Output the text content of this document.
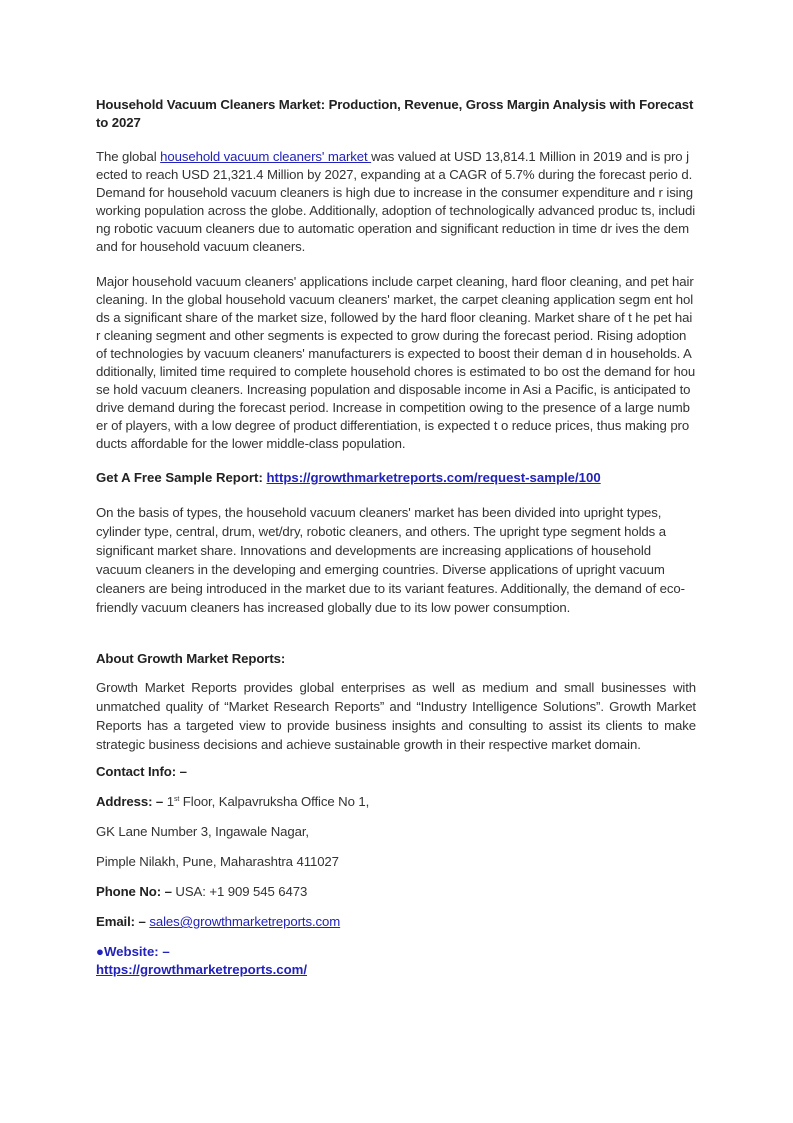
Household Vacuum Cleaners Market: Production, Revenue, Gross Margin Analysis with Forecast to 2027

The global household vacuum cleaners' market was valued at USD 13,814.1 Million in 2019 and is pro jected to reach USD 21,321.4 Million by 2027, expanding at a CAGR of 5.7% during the forecast perio d. Demand for household vacuum cleaners is high due to increase in the consumer expenditure and r ising working population across the globe. Additionally, adoption of technologically advanced produc ts, including robotic vacuum cleaners due to automatic operation and significant reduction in time dr ives the demand for household vacuum cleaners.

Major household vacuum cleaners' applications include carpet cleaning, hard floor cleaning, and pet hair cleaning. In the global household vacuum cleaners' market, the carpet cleaning application segm ent holds a significant share of the market size, followed by the hard floor cleaning. Market share of t he pet hair cleaning segment and other segments is expected to grow during the forecast period. Rising adoption of technologies by vacuum cleaners' manufacturers is expected to boost their deman d in households. Additionally, limited time required to complete household chores is estimated to bo ost the demand for house hold vacuum cleaners. Increasing population and disposable income in Asi a Pacific, is anticipated to drive demand during the forecast period. Increase in competition owing to the presence of a large number of players, with a low degree of product differentiation, is expected t o reduce prices, thus making products affordable for the lower middle-class population.

Get A Free Sample Report: https://growthmarketreports.com/request-sample/100

On the basis of types, the household vacuum cleaners' market has been divided into upright types, cylinder type, central, drum, wet/dry, robotic cleaners, and others. The upright type segment holds a significant market share. Innovations and developments are increasing applications of household vacuum cleaners in the developing and emerging countries. Diverse applications of upright vacuum cleaners are being introduced in the market due to its variant features. Additionally, the demand of eco-friendly vacuum cleaners has increased globally due to its low power consumption.

About Growth Market Reports:

Growth Market Reports provides global enterprises as well as medium and small businesses with unmatched quality of “Market Research Reports” and “Industry Intelligence Solutions”. Growth Market Reports has a targeted view to provide business insights and consulting to assist its clients to make strategic business decisions and achieve sustainable growth in their respective market domain.

Contact Info: –
Address: – 1st Floor, Kalpavruksha Office No 1,
GK Lane Number 3, Ingawale Nagar,
Pimple Nilakh, Pune, Maharashtra 411027
Phone No: – USA: +1 909 545 6473
Email: – sales@growthmarketreports.com
●Website: –
https://growthmarketreports.com/
